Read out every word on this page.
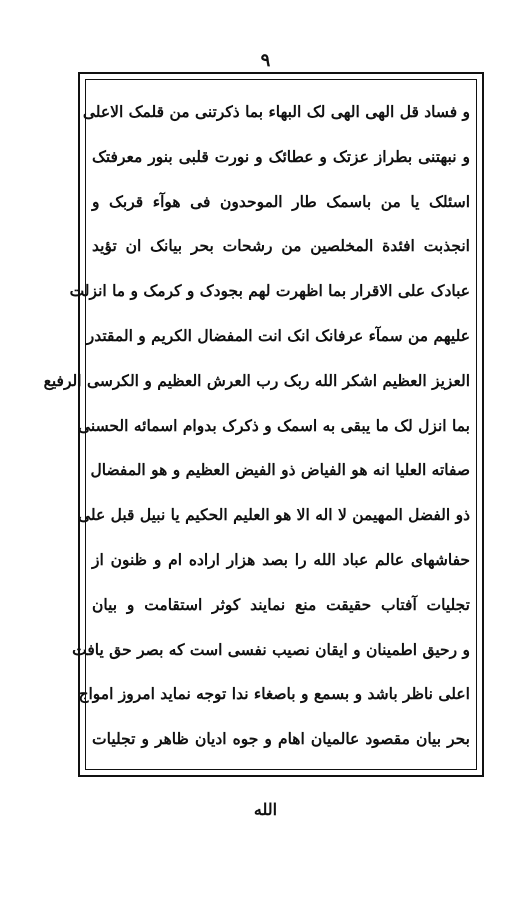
۹
و فساد قل الهی الهی لک البهاء بما ذکرتنی من قلمک الاعلی
و نبهتنی بطراز عزتک و عطائک و نورت قلبی بنور معرفتک
اسئلک یا من باسمک طار الموحدون فی هوآء قربک و
انجذبت افئدة المخلصین من رشحات بحر بیانک ان تؤید
عبادک علی الاقرار بما اظهرت لهم بجودک و کرمک و ما انزلت
علیهم من سمآء عرفانک انک انت المفضال الکریم و المقتدر
العزیز العظیم اشکر الله ربک رب العرش العظیم و الکرسی الرفیع
بما انزل لک ما یبقی به اسمک و ذکرک بدوام اسمائه الحسنی
صفاته العلیا انه هو الفیاض ذو الفیض العظیم و هو المفضال
ذو الفضل المهیمن لا اله الا هو العلیم الحکیم یا نبیل قبل علی
حفاشهای عالم عباد الله را بصد هزار اراده ام و ظنون از
تجلیات آفتاب حقیقت منع نمایند کوثر استقامت و بیان
و رحیق اطمینان و ایقان نصیب نفسی است که بصر حق یافت
اعلی ناظر باشد و بسمع و باصغاء ندا توجه نماید امروز امواج
بحر بیان مقصود عالمیان اهام و جوه ادیان ظاهر و تجلیات
الله
